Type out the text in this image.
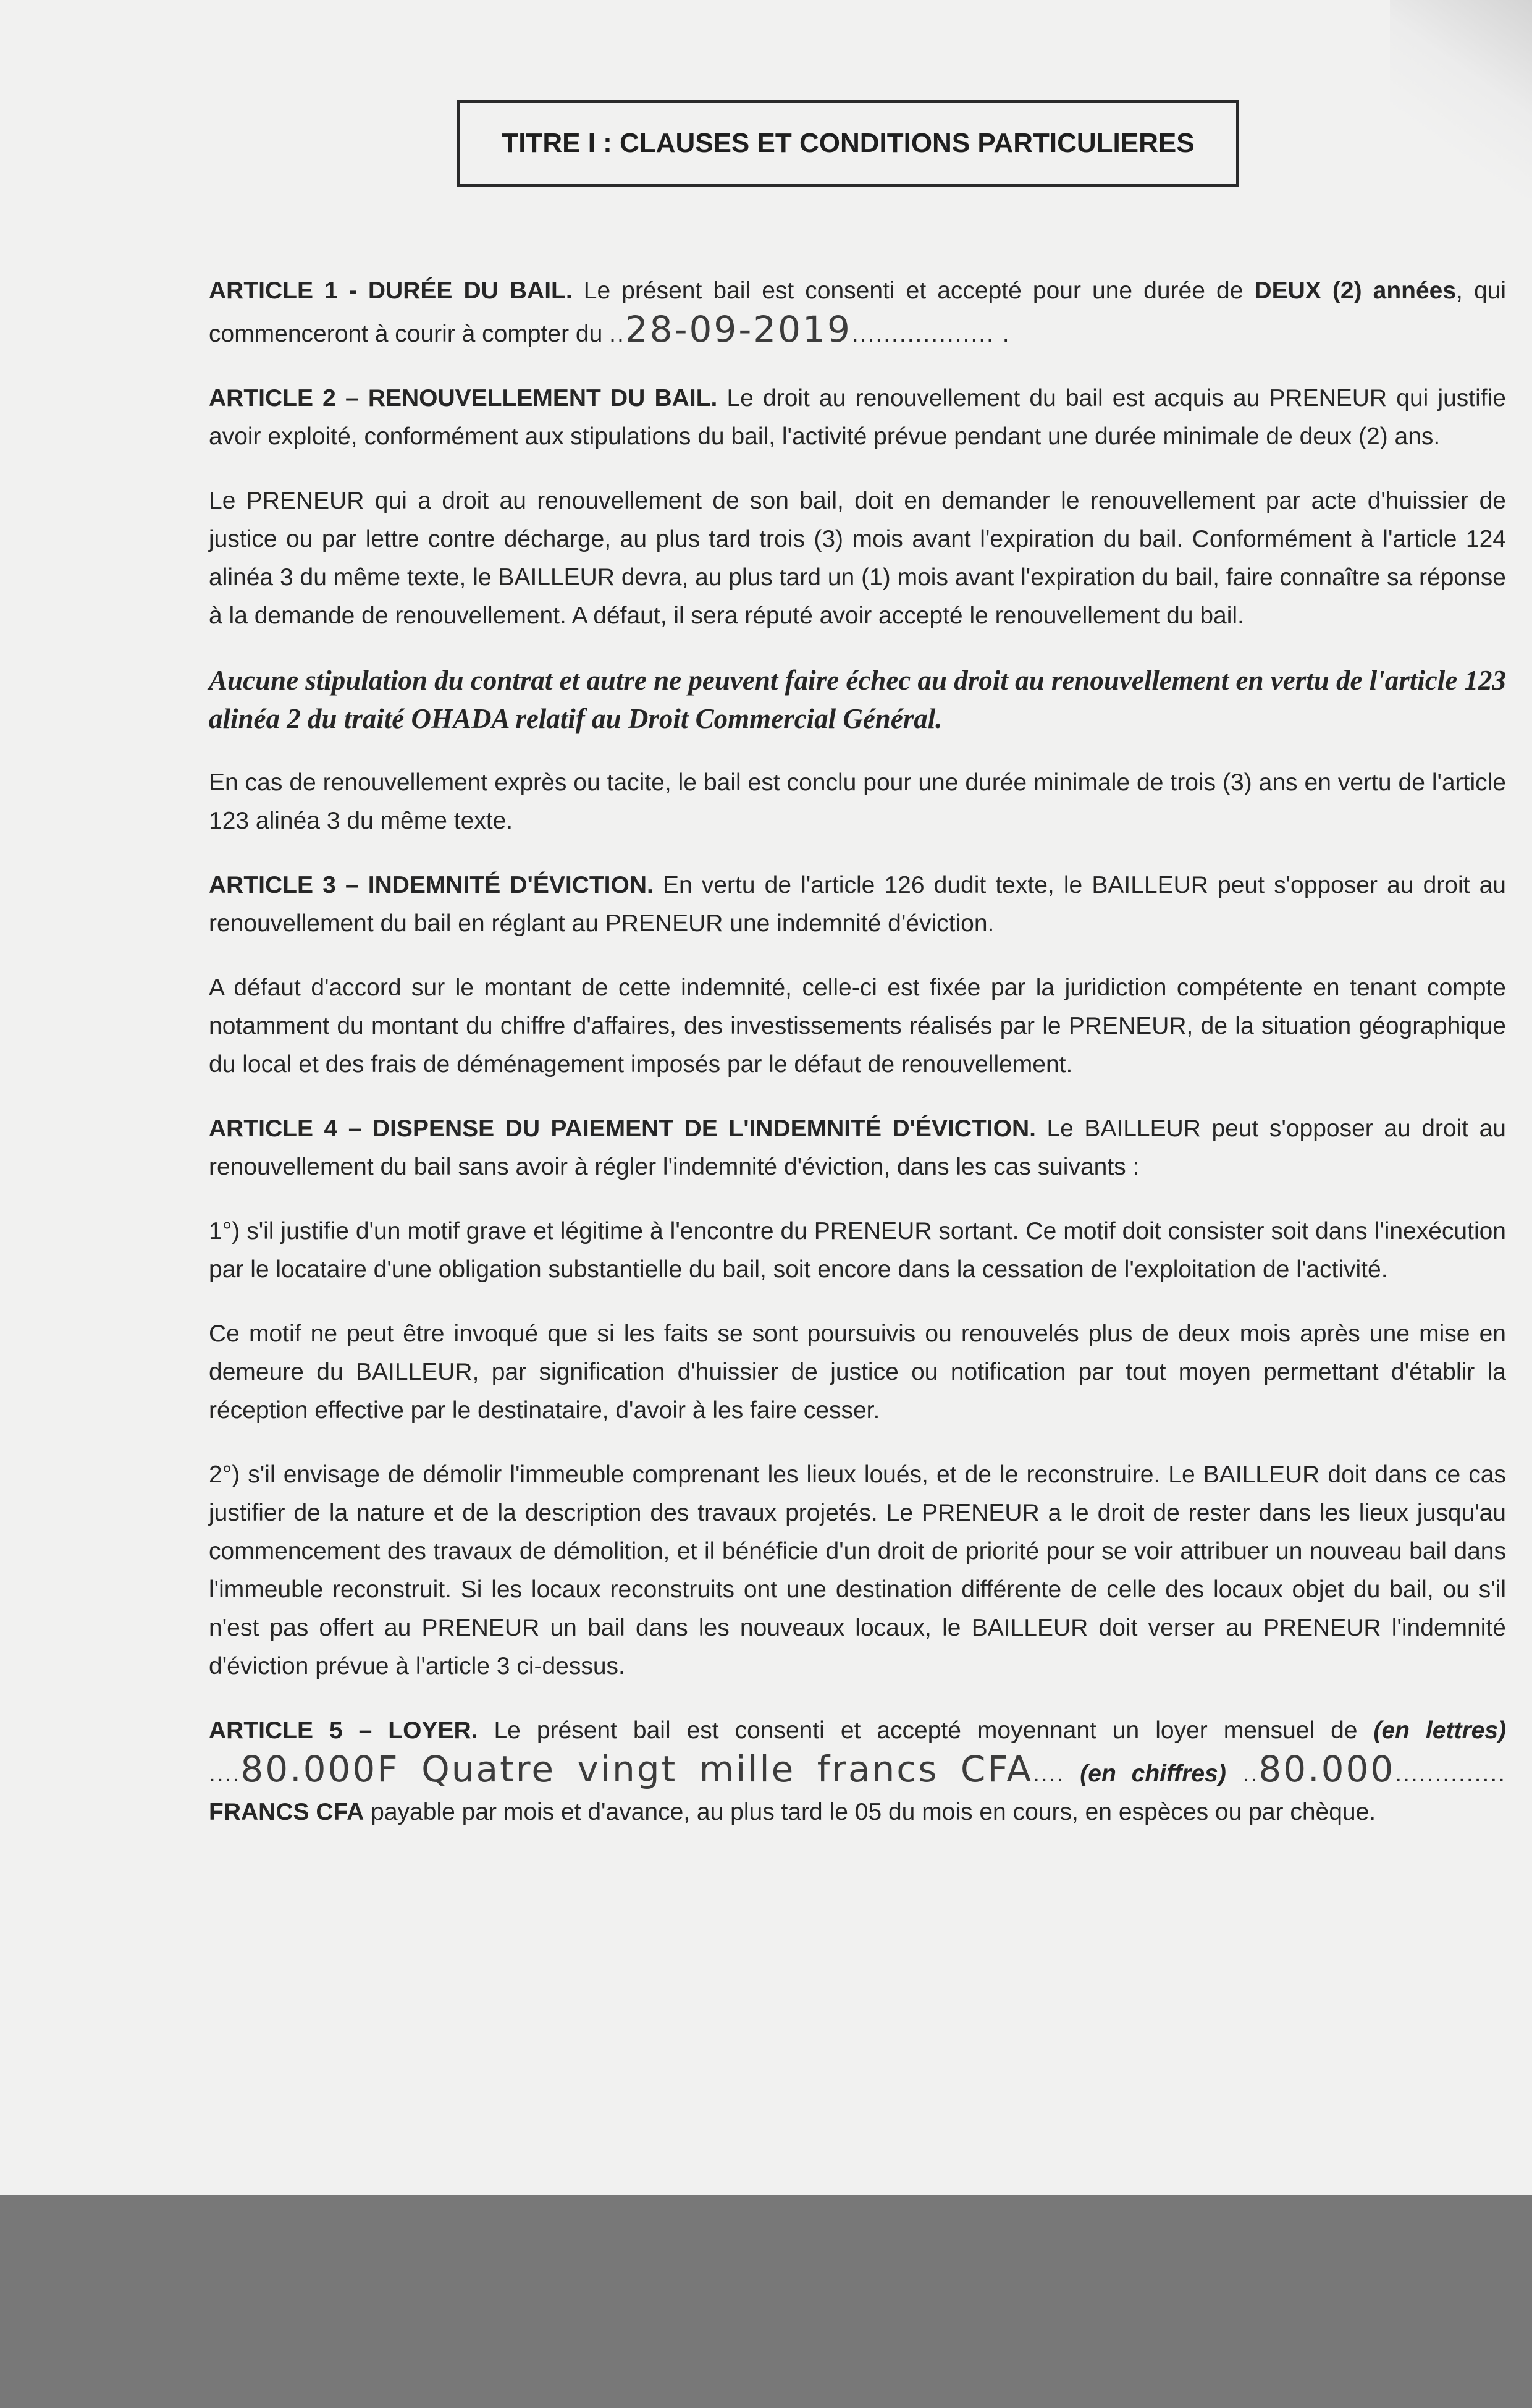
TITRE I : CLAUSES ET CONDITIONS PARTICULIERES

ARTICLE 1 - DURÉE DU BAIL. Le présent bail est consenti et accepté pour une durée de DEUX (2) années, qui commenceront à courir à compter du ..28-09-2019.................. .

ARTICLE 2 – RENOUVELLEMENT DU BAIL. Le droit au renouvellement du bail est acquis au PRENEUR qui justifie avoir exploité, conformément aux stipulations du bail, l'activité prévue pendant une durée minimale de deux (2) ans.

Le PRENEUR qui a droit au renouvellement de son bail, doit en demander le renouvellement par acte d'huissier de justice ou par lettre contre décharge, au plus tard trois (3) mois avant l'expiration du bail. Conformément à l'article 124 alinéa 3 du même texte, le BAILLEUR devra, au plus tard un (1) mois avant l'expiration du bail, faire connaître sa réponse à la demande de renouvellement. A défaut, il sera réputé avoir accepté le renouvellement du bail.

Aucune stipulation du contrat et autre ne peuvent faire échec au droit au renouvellement en vertu de l'article 123 alinéa 2 du traité OHADA relatif au Droit Commercial Général.

En cas de renouvellement exprès ou tacite, le bail est conclu pour une durée minimale de trois (3) ans en vertu de l'article 123 alinéa 3 du même texte.

ARTICLE 3 – INDEMNITÉ D'ÉVICTION. En vertu de l'article 126 dudit texte, le BAILLEUR peut s'opposer au droit au renouvellement du bail en réglant au PRENEUR une indemnité d'éviction.

A défaut d'accord sur le montant de cette indemnité, celle-ci est fixée par la juridiction compétente en tenant compte notamment du montant du chiffre d'affaires, des investissements réalisés par le PRENEUR, de la situation géographique du local et des frais de déménagement imposés par le défaut de renouvellement.

ARTICLE 4 – DISPENSE DU PAIEMENT DE L'INDEMNITÉ D'ÉVICTION. Le BAILLEUR peut s'opposer au droit au renouvellement du bail sans avoir à régler l'indemnité d'éviction, dans les cas suivants :

1°) s'il justifie d'un motif grave et légitime à l'encontre du PRENEUR sortant. Ce motif doit consister soit dans l'inexécution par le locataire d'une obligation substantielle du bail, soit encore dans la cessation de l'exploitation de l'activité.

Ce motif ne peut être invoqué que si les faits se sont poursuivis ou renouvelés plus de deux mois après une mise en demeure du BAILLEUR, par signification d'huissier de justice ou notification par tout moyen permettant d'établir la réception effective par le destinataire, d'avoir à les faire cesser.

2°) s'il envisage de démolir l'immeuble comprenant les lieux loués, et de le reconstruire. Le BAILLEUR doit dans ce cas justifier de la nature et de la description des travaux projetés. Le PRENEUR a le droit de rester dans les lieux jusqu'au commencement des travaux de démolition, et il bénéficie d'un droit de priorité pour se voir attribuer un nouveau bail dans l'immeuble reconstruit. Si les locaux reconstruits ont une destination différente de celle des locaux objet du bail, ou s'il n'est pas offert au PRENEUR un bail dans les nouveaux locaux, le BAILLEUR doit verser au PRENEUR l'indemnité d'éviction prévue à l'article 3 ci-dessus.

ARTICLE 5 – LOYER. Le présent bail est consenti et accepté moyennant un loyer mensuel de (en lettres) ....80.000F Quatre vingt mille francs CFA.... (en chiffres) ..80.000.............. FRANCS CFA payable par mois et d'avance, au plus tard le 05 du mois en cours, en espèces ou par chèque.
